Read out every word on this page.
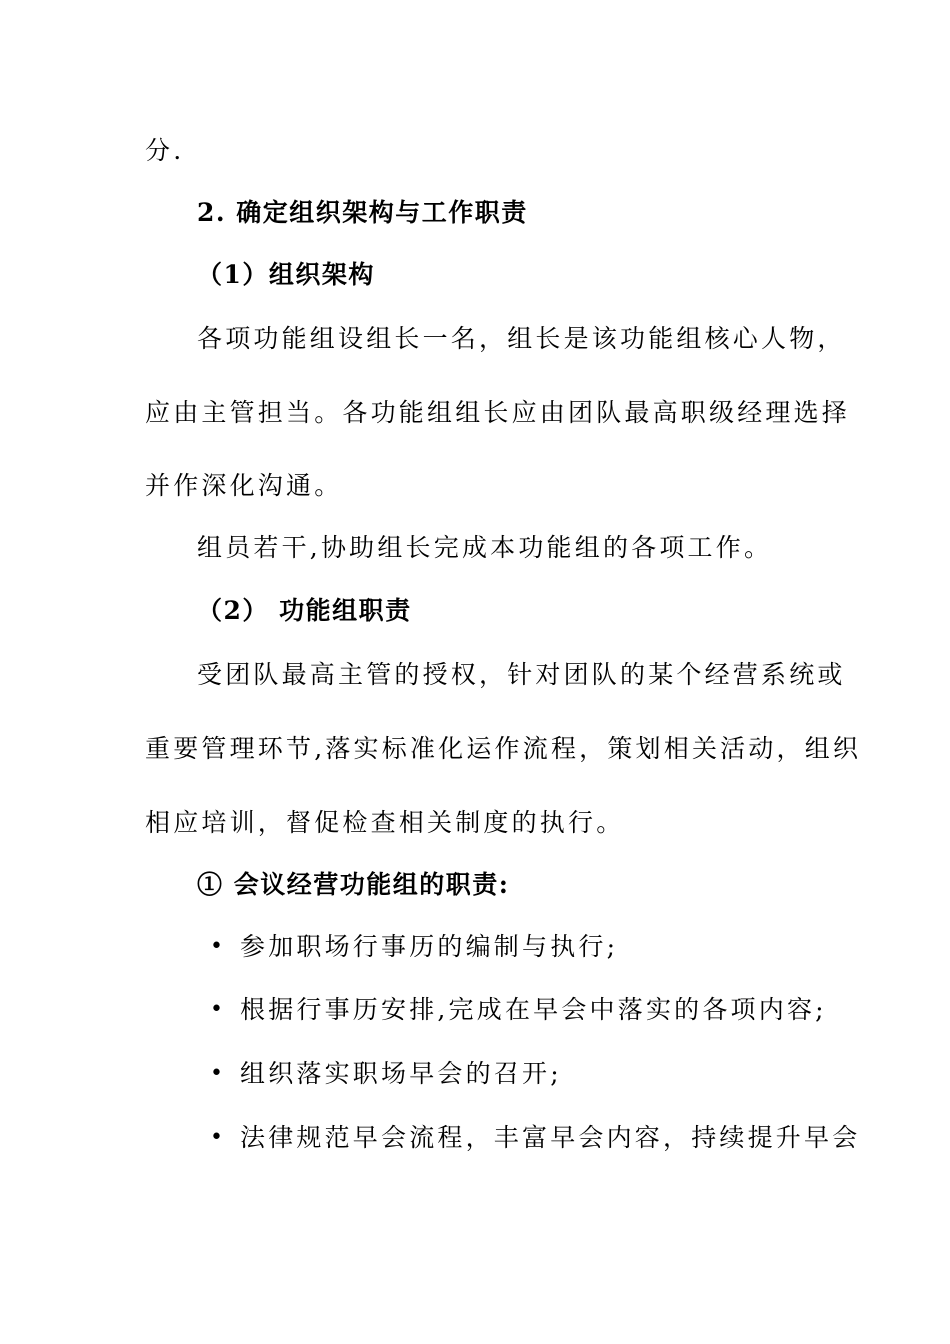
分.
2. 确定组织架构与工作职责
（1）组织架构
各项功能组设组长一名，组长是该功能组核心人物，
应由主管担当。各功能组组长应由团队最高职级经理选择
并作深化沟通。
组员若干,协助组长完成本功能组的各项工作。
（2） 功能组职责
受团队最高主管的授权，针对团队的某个经营系统或
重要管理环节,落实标准化运作流程，策划相关活动，组织
相应培训，督促检查相关制度的执行。
① 会议经营功能组的职责:
• 参加职场行事历的编制与执行;
• 根据行事历安排,完成在早会中落实的各项内容;
• 组织落实职场早会的召开;
• 法律规范早会流程，丰富早会内容，持续提升早会
